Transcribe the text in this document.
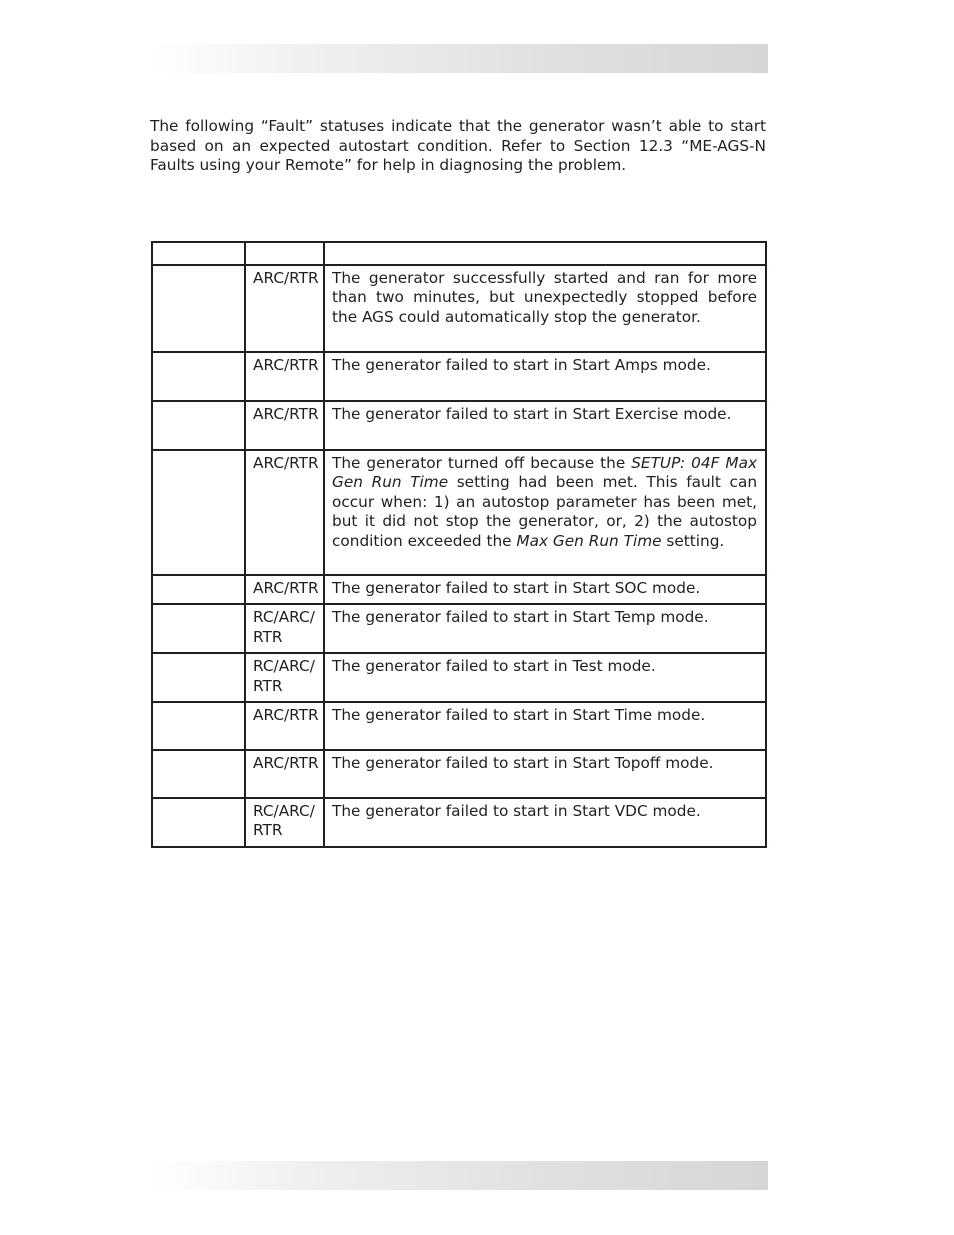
The following “Fault” statuses indicate that the generator wasn’t able to start based on an expected autostart condition. Refer to Section 12.3 “ME-AGS-N Faults using your Remote” for help in diagnosing the problem.

	ARC/RTR	The generator successfully started and ran for more than two minutes, but unexpectedly stopped before the AGS could automatically stop the generator.
	ARC/RTR	The generator failed to start in Start Amps mode.
	ARC/RTR	The generator failed to start in Start Exercise mode.
	ARC/RTR	The generator turned off because the SETUP: 04F Max Gen Run Time setting had been met. This fault can occur when: 1) an autostop parameter has been met, but it did not stop the generator, or, 2) the autostop condition exceeded the Max Gen Run Time setting.
	ARC/RTR	The generator failed to start in Start SOC mode.
	RC/ARC/ RTR	The generator failed to start in Start Temp mode.
	RC/ARC/ RTR	The generator failed to start in Test mode.
	ARC/RTR	The generator failed to start in Start Time mode.
	ARC/RTR	The generator failed to start in Start Topoff mode.
	RC/ARC/ RTR	The generator failed to start in Start VDC mode.
